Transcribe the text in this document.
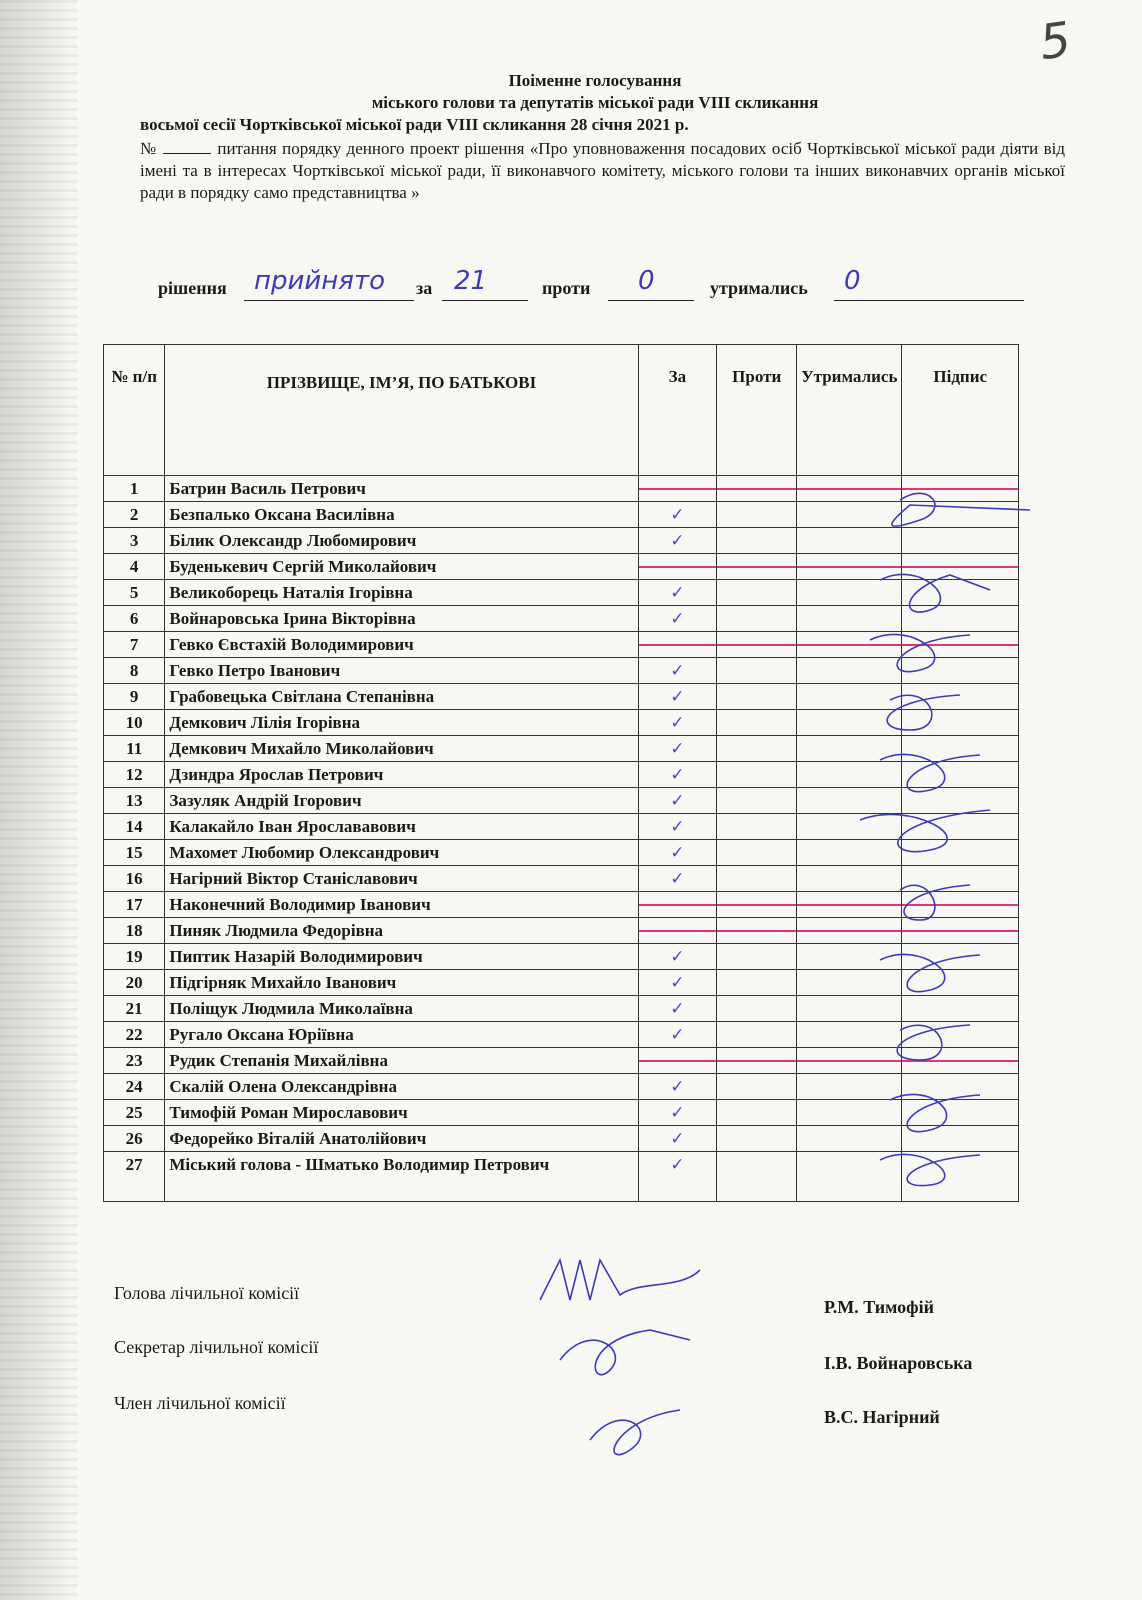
5
Поіменне голосування
міського голови та депутатів міської ради VІІІ скликання
восьмої сесії Чортківської міської ради VІІІ скликання 28 січня 2021 р.
№	питання порядку денного проект рішення «Про уповноваження посадових осіб Чортківської міської ради діяти від імені та в інтересах Чортківської міської ради, її виконавчого комітету, міського голови та інших виконавчих органів міської ради в порядку само представництва »
рішення прийнято за 21	проти 0	утримались 0
№ п/п	ПРІЗВИЩЕ, ІМ’Я, ПО БАТЬКОВІ	За	Проти	Утримались	Підпис
1	Батрин Василь Петрович				
2	Безпалько Оксана Василівна	✓			
3	Білик Олександр Любомирович	✓			
4	Буденькевич Сергій Миколайович				
5	Великоборець Наталія Ігорівна	✓			
6	Войнаровська Ірина Вікторівна	✓			
7	Гевко Євстахій Володимирович				
8	Гевко Петро Іванович	✓			
9	Грабовецька Світлана Степанівна	✓			
10	Демкович Лілія Ігорівна	✓			
11	Демкович Михайло Миколайович	✓			
12	Дзиндра Ярослав Петрович	✓			
13	Зазуляк Андрій Ігорович	✓			
14	Калакайло Іван Ярослававович	✓			
15	Махомет Любомир Олександрович	✓			
16	Нагірний Віктор Станіславович	✓			
17	Наконечний Володимир Іванович				
18	Пиняк Людмила Федорівна				
19	Пиптик Назарій Володимирович	✓			
20	Підгірняк Михайло Іванович	✓			
21	Поліщук Людмила Миколаївна	✓			
22	Ругало Оксана Юріївна	✓			
23	Рудик Степанія Михайлівна				
24	Скалій Олена Олександрівна	✓			
25	Тимофій Роман Мирославович	✓			
26	Федорейко Віталій Анатолійович	✓			
27	Міський голова - Шматько Володимир Петрович	✓			
Голова лічильної комісії
Р.М. Тимофій
Секретар лічильної комісії
І.В. Войнаровська
Член лічильної комісії
В.С. Нагірний
